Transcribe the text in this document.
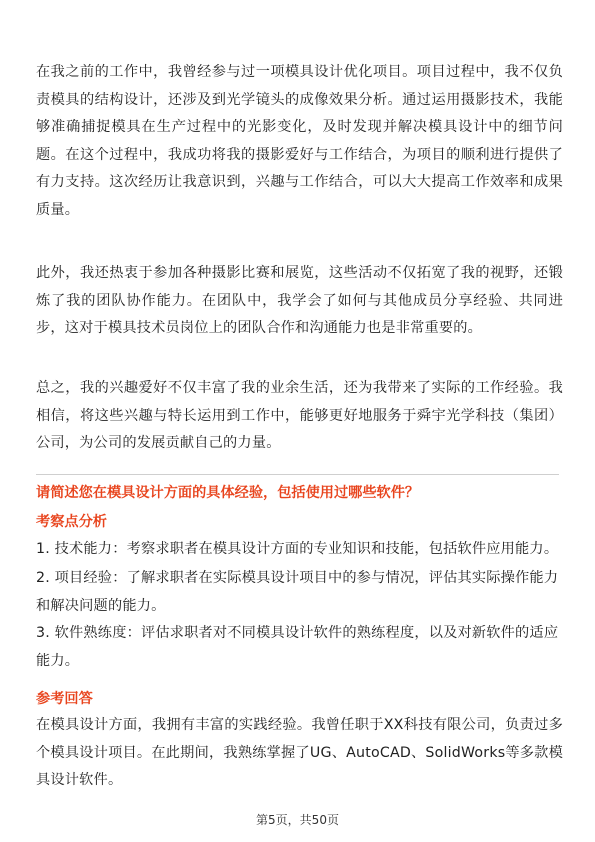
在我之前的工作中，我曾经参与过一项模具设计优化项目。项目过程中，我不仅负责模具的结构设计，还涉及到光学镜头的成像效果分析。通过运用摄影技术，我能够准确捕捉模具在生产过程中的光影变化，及时发现并解决模具设计中的细节问题。在这个过程中，我成功将我的摄影爱好与工作结合，为项目的顺利进行提供了有力支持。这次经历让我意识到，兴趣与工作结合，可以大大提高工作效率和成果质量。

此外，我还热衷于参加各种摄影比赛和展览，这些活动不仅拓宽了我的视野，还锻炼了我的团队协作能力。在团队中，我学会了如何与其他成员分享经验、共同进步，这对于模具技术员岗位上的团队合作和沟通能力也是非常重要的。

总之，我的兴趣爱好不仅丰富了我的业余生活，还为我带来了实际的工作经验。我相信，将这些兴趣与特长运用到工作中，能够更好地服务于舜宇光学科技（集团）公司，为公司的发展贡献自己的力量。

请简述您在模具设计方面的具体经验，包括使用过哪些软件？

考察点分析

1. 技术能力：考察求职者在模具设计方面的专业知识和技能，包括软件应用能力。

2. 项目经验：了解求职者在实际模具设计项目中的参与情况，评估其实际操作能力和解决问题的能力。

3. 软件熟练度：评估求职者对不同模具设计软件的熟练程度，以及对新软件的适应能力。

参考回答

在模具设计方面，我拥有丰富的实践经验。我曾任职于XX科技有限公司，负责过多个模具设计项目。在此期间，我熟练掌握了UG、AutoCAD、SolidWorks等多款模具设计软件。

第5页，共50页
